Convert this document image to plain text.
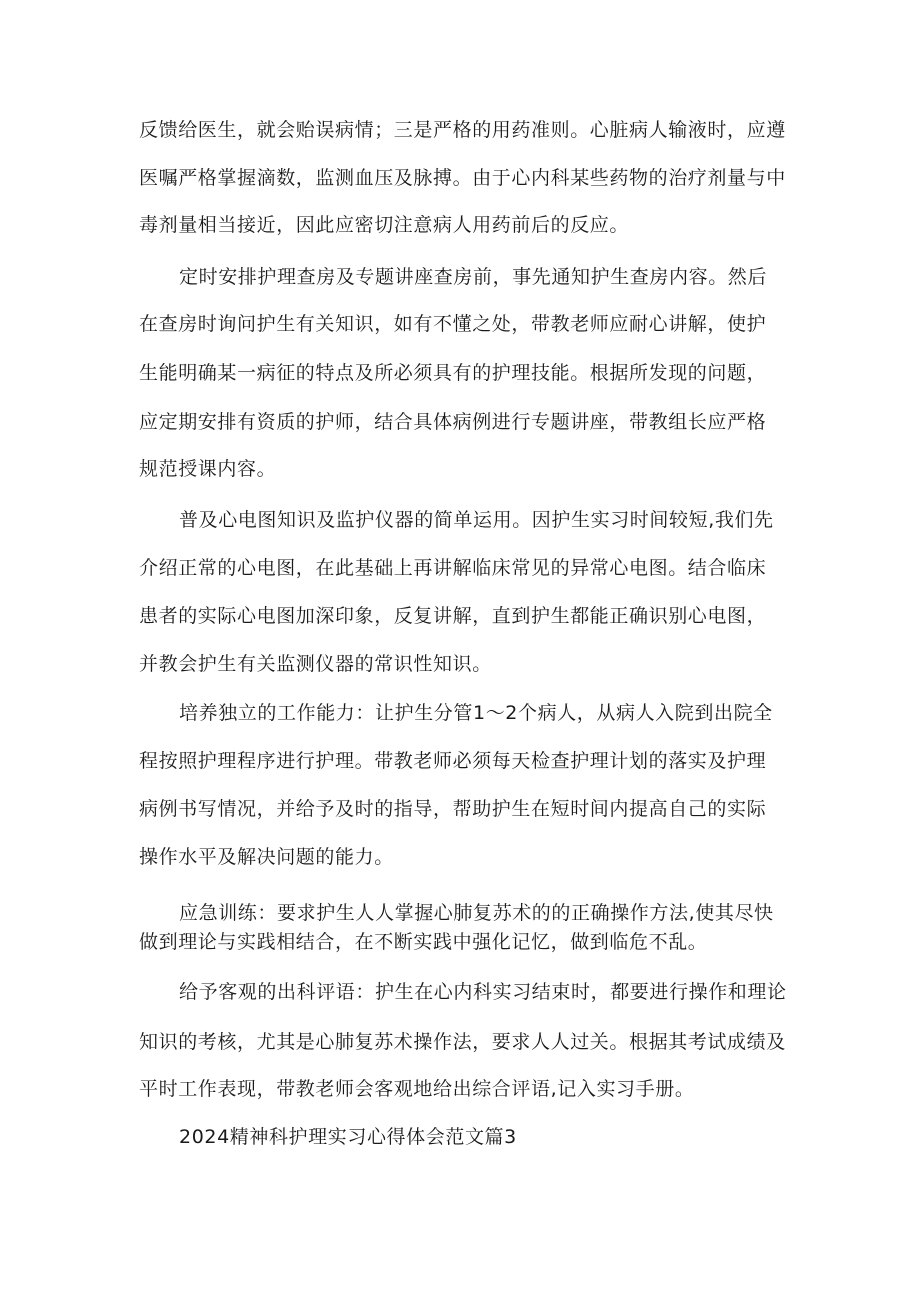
反馈给医生，就会贻误病情；三是严格的用药准则。心脏病人输液时，应遵
医嘱严格掌握滴数，监测血压及脉搏。由于心内科某些药物的治疗剂量与中
毒剂量相当接近，因此应密切注意病人用药前后的反应。
定时安排护理查房及专题讲座查房前，事先通知护生查房内容。然后
在查房时询问护生有关知识，如有不懂之处，带教老师应耐心讲解，使护
生能明确某一病征的特点及所必须具有的护理技能。根据所发现的问题，
应定期安排有资质的护师，结合具体病例进行专题讲座，带教组长应严格
规范授课内容。
普及心电图知识及监护仪器的简单运用。因护生实习时间较短,我们先
介绍正常的心电图，在此基础上再讲解临床常见的异常心电图。结合临床
患者的实际心电图加深印象，反复讲解，直到护生都能正确识别心电图，
并教会护生有关监测仪器的常识性知识。
培养独立的工作能力：让护生分管1〜2个病人，从病人入院到出院全
程按照护理程序进行护理。带教老师必须每天检查护理计划的落实及护理
病例书写情况，并给予及时的指导，帮助护生在短时间内提高自己的实际
操作水平及解决问题的能力。
应急训练：要求护生人人掌握心肺复苏术的的正确操作方法,使其尽快
做到理论与实践相结合，在不断实践中强化记忆，做到临危不乱。
给予客观的出科评语：护生在心内科实习结束时，都要进行操作和理论
知识的考核，尤其是心肺复苏术操作法，要求人人过关。根据其考试成绩及
平时工作表现，带教老师会客观地给出综合评语,记入实习手册。
2024精神科护理实习心得体会范文篇3
